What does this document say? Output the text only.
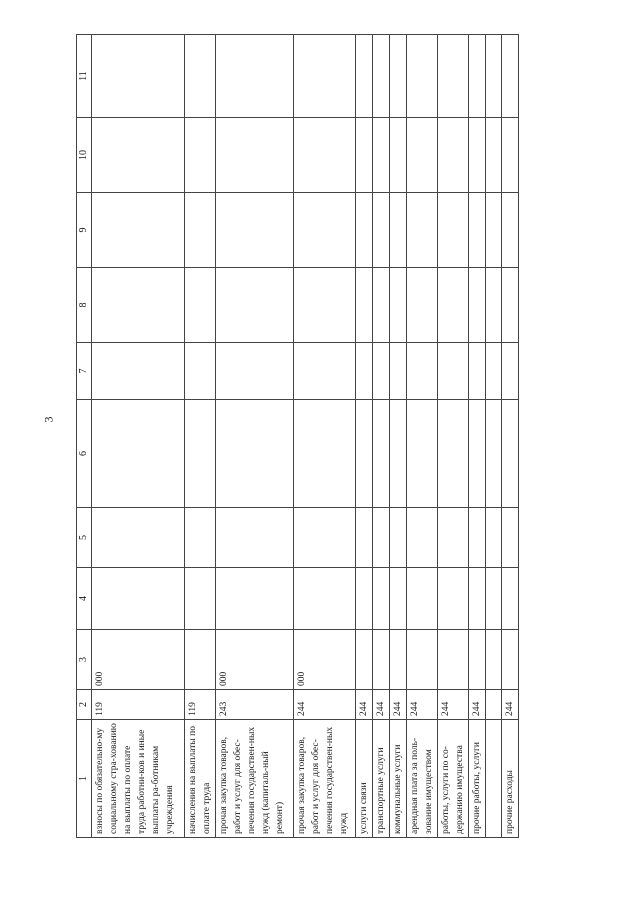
3
1	2	3	4	5	6	7	8	9	10	11
взносы по обязательно-му социальному стра-хованию на выплаты по оплате труда работни-ков и иные выплаты ра-ботникам учреждения	119	000								
начисления на выплаты по оплате труда	119									
прочая закупка товаров, работ и услуг для обес-печения государствен-ных нужд (капиталь-ный ремонт)	243	000								
прочая закупка товаров, работ и услуг для обес-печения государствен-ных нужд	244	000								
услуги связи	244									
транспортные услуги	244									
коммунальные услуги	244									
арендная плата за поль-зование имуществом	244									
работы, услуги по со-держанию имущества	244									
прочие работы, услуги	244									

прочие расходы	244									
